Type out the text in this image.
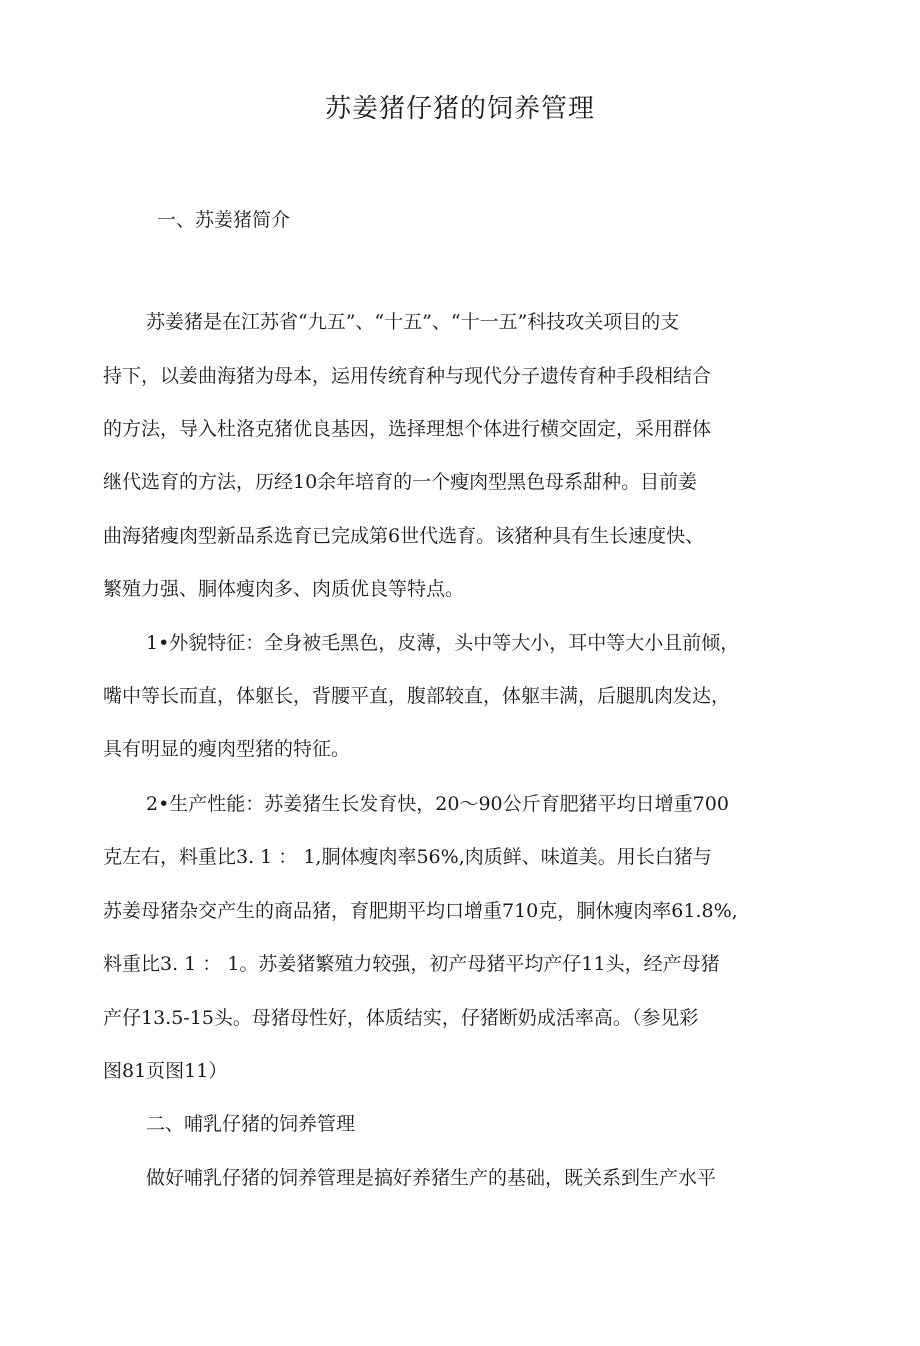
苏姜猪仔猪的饲养管理
一、苏姜猪简介
苏姜猪是在江苏省“九五”、“十五”、“十一五”科技攻关项目的支
持下，以姜曲海猪为母本，运用传统育种与现代分子遗传育种手段相结合
的方法，导入杜洛克猪优良基因，选择理想个体进行横交固定，采用群体
继代选育的方法，历经10余年培育的一个瘦肉型黑色母系甜种。目前姜
曲海猪瘦肉型新品系选育已完成第6世代选育。该猪种具有生长速度快、
繁殖力强、胴体瘦肉多、肉质优良等特点。
1•外貌特征：全身被毛黑色，皮薄，头中等大小，耳中等大小且前倾，
嘴中等长而直，体躯长，背腰平直，腹部较直，体躯丰满，后腿肌肉发达，
具有明显的瘦肉型猪的特征。
2•生产性能：苏姜猪生长发育快，20〜90公斤育肥猪平均日增重700
克左右，料重比3. 1 ： 1,胴体瘦肉率56%,肉质鲜、味道美。用长白猪与
苏姜母猪杂交产生的商品猪，育肥期平均口增重710克，胴休瘦肉率61.8%,
料重比3. 1 ： 1。苏姜猪繁殖力较强，初产母猪平均产仔11头，经产母猪
产仔13.5-15头。母猪母性好，体质结实，仔猪断奶成活率高。（参见彩
图81页图11）
二、哺乳仔猪的饲养管理
做好哺乳仔猪的饲养管理是搞好养猪生产的基础，既关系到生产水平
